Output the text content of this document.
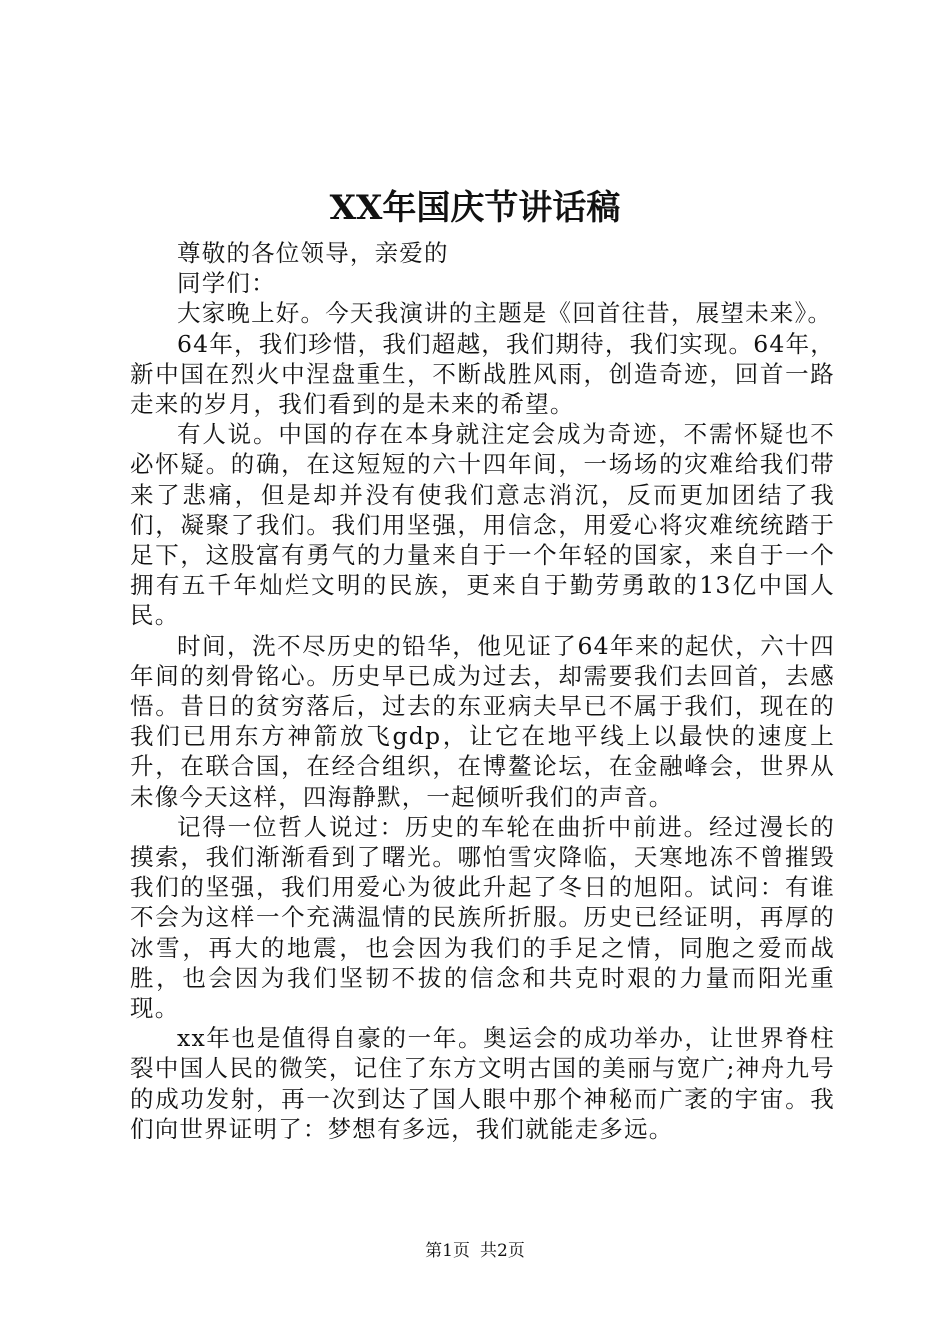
XX年国庆节讲话稿

尊敬的各位领导，亲爱的

同学们：

大家晚上好。今天我演讲的主题是《回首往昔，展望未来》。

64年，我们珍惜，我们超越，我们期待，我们实现。64年，新中国在烈火中涅盘重生，不断战胜风雨，创造奇迹，回首一路走来的岁月，我们看到的是未来的希望。

有人说。中国的存在本身就注定会成为奇迹，不需怀疑也不必怀疑。的确，在这短短的六十四年间，一场场的灾难给我们带来了悲痛，但是却并没有使我们意志消沉，反而更加团结了我们，凝聚了我们。我们用坚强，用信念，用爱心将灾难统统踏于足下，这股富有勇气的力量来自于一个年轻的国家，来自于一个拥有五千年灿烂文明的民族，更来自于勤劳勇敢的13亿中国人民。

时间，洗不尽历史的铅华，他见证了64年来的起伏，六十四年间的刻骨铭心。历史早已成为过去，却需要我们去回首，去感悟。昔日的贫穷落后，过去的东亚病夫早已不属于我们，现在的我们已用东方神箭放飞gdp，让它在地平线上以最快的速度上升，在联合国，在经合组织，在博鳌论坛，在金融峰会，世界从未像今天这样，四海静默，一起倾听我们的声音。

记得一位哲人说过：历史的车轮在曲折中前进。经过漫长的摸索，我们渐渐看到了曙光。哪怕雪灾降临，天寒地冻不曾摧毁我们的坚强，我们用爱心为彼此升起了冬日的旭阳。试问：有谁不会为这样一个充满温情的民族所折服。历史已经证明，再厚的冰雪，再大的地震，也会因为我们的手足之情，同胞之爱而战胜，也会因为我们坚韧不拔的信念和共克时艰的力量而阳光重现。

xx年也是值得自豪的一年。奥运会的成功举办，让世界脊柱裂中国人民的微笑，记住了东方文明古国的美丽与宽广;神舟九号的成功发射，再一次到达了国人眼中那个神秘而广袤的宇宙。我们向世界证明了：梦想有多远，我们就能走多远。

第1页 共2页
